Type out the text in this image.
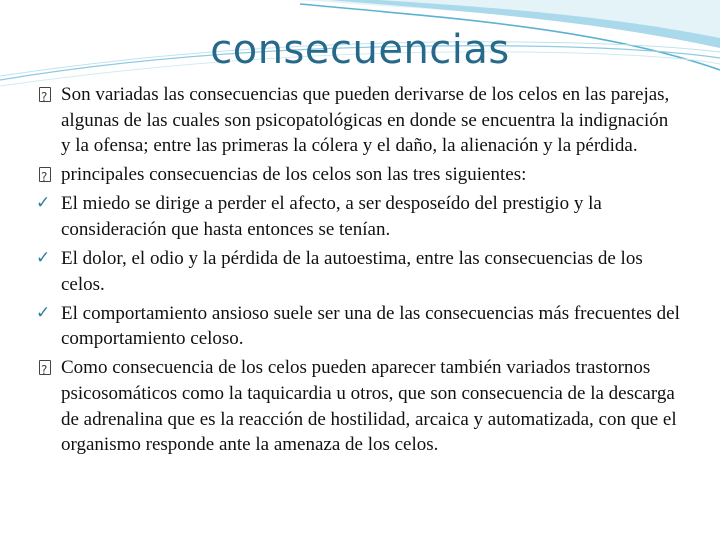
consecuencias

?
Son variadas las consecuencias que pueden derivarse de los celos en las parejas, algunas de las cuales son psicopatológicas en donde se encuentra la indignación y la ofensa; entre las primeras la cólera y el daño, la alienación y la pérdida.

?
principales consecuencias de los celos son las tres siguientes:

✓ El miedo se dirige a perder el afecto, a ser desposeído del prestigio y la consideración que hasta entonces se tenían.

✓ El dolor, el odio y la pérdida de la autoestima, entre las consecuencias de los celos.

✓ El comportamiento ansioso suele ser una de las consecuencias más frecuentes del comportamiento celoso.

?
Como consecuencia de los celos pueden aparecer también variados trastornos psicosomáticos como la taquicardia u otros, que son consecuencia de la descarga de adrenalina que es la reacción de hostilidad, arcaica y automatizada, con que el organismo responde ante la amenaza de los celos.
